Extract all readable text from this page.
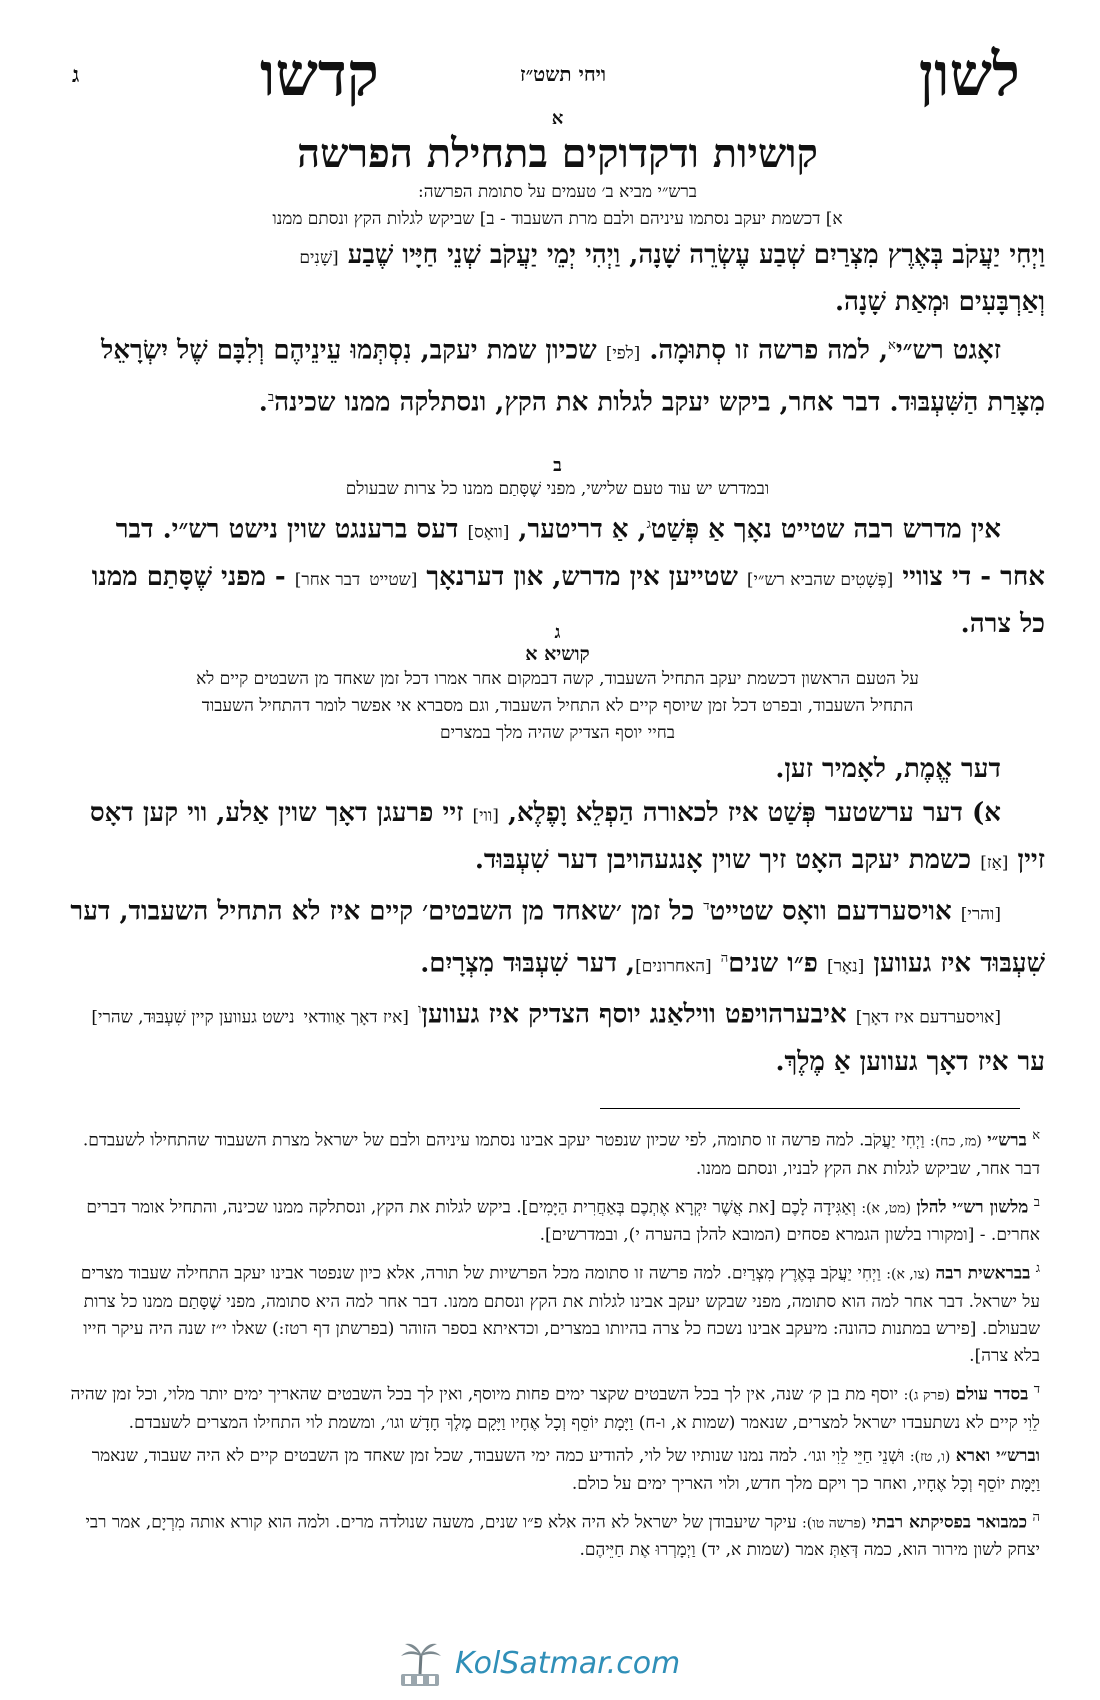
לשון
ויחי תשט״ז
קדשו
ג
א
קושיות ודקדוקים בתחילת הפרשה
ברש״י מביא ב׳ טעמים על סתומת הפרשה:
א] דכשמת יעקב נסתמו עיניהם ולבם מרת השעבוד - ב] שביקש לגלות הקץ ונסתם ממנו
וַיְחִי יַעֲקֹב בְּאֶרֶץ מִצְרַיִם שְׁבַע עֶשְׂרֵה שָׁנָה, וַיְהִי יְמֵי יַעֲקֹב שְׁנֵי חַיָּיו שֶׁבַע [שָׁנִים
וְאַרְבָּעִים וּמְאַת שָׁנָה.
זאָגט רש״י$^א$, למה פרשה זו סְתוּמָה. [לפי] שכיון שמת יעקב, נִסְתְּמוּ עֵינֵיהֶם וְלִבָּם שֶׁל יִשְׂרָאֵל מִצָּרַת הַשִּׁעְבּוּד. דבר אחר, ביקש יעקב לגלות את הקץ, ונסתלקה ממנו שכינה$^ב$.
ב
ובמדרש יש עוד טעם שלישי, מפני שֶׁסָּתַם ממנו כל צרות שבעולם
אין מדרש רבה שטייט נאָך אַ פְּשַׁט$^ג$, אַ דריטער, [וואָס] דעס ברענגט שוין נישט רש״י. דבר אחר - די צוויי [פְּשָׁטִים שהביא רש״י] שטייען אין מדרש, און דערנאָך [שטייט דבר אחר] - מפני שֶׁסָּתַם ממנו כל צרה.
ג
קושיא א
על הטעם הראשון דכשמת יעקב התחיל השעבוד, קשה דבמקום אחר אמרו דכל זמן שאחד מן השבטים קיים לא
התחיל השעבוד, ובפרט דכל זמן שיוסף קיים לא התחיל השעבוד, וגם מסברא אי אפשר לומר דהתחיל השעבוד
בחיי יוסף הצדיק שהיה מלך במצרים
דער אֱמֶת, לאָמיר זען.
א) דער ערשטער פְּשַׁט איז לכאורה הַפְלֵא וָפֶלֶא, [ווי] זיי פרעגן דאָך שוין אַלע, ווי קען דאָס זיין [אַז] כשמת יעקב האָט זיך שוין אָנגעהויבן דער שִׁעְבּוּד.
[והרי] אויסערדעם וואָס שטייט$^ד$ כל זמן ׳שאחד מן השבטים׳ קיים איז לא התחיל השעבוד, דער שִׁעְבּוּד איז געווען [נאָר] פ״ו שנים$^ה$ [האחרונים], דער שִׁעְבּוּד מִצְרָיִם.
[אויסערדעם איז דאָך] איבערהויפט ווילאַנג יוסף הצדיק איז געווען$^ו$ [איז דאָך אַוודאי נישט געווען קיין שִׁעְבּוּד, שהרי] ער איז דאָך געווען אַ מֶלֶךְ.
$^א$ ברש״י (מז, כח): וַיְחִי יַעֲקֹב. למה פרשה זו סתומה, לפי שכיון שנפטר יעקב אבינו נסתמו עיניהם ולבם של ישראל מצרת השעבוד שהתחילו לשעבדם. דבר אחר, שביקש לגלות את הקץ לבניו, ונסתם ממנו.
$^ב$ מלשון רש״י להלן (מט, א): וְאַגִּידָה לָכֶם [את אֲשֶׁר יִקְרָא אֶתְכֶם בְּאַחֲרִית הַיָּמִים]. ביקש לגלות את הקץ, ונסתלקה ממנו שכינה, והתחיל אומר דברים אחרים. - [ומקורו בלשון הגמרא פסחים (המובא להלן בהערה י), ובמדרשים].
$^ג$ בבראשית רבה (צו, א): וַיְחִי יַעֲקֹב בְּאֶרֶץ מִצְרַיִם. למה פרשה זו סתומה מכל הפרשיות של תורה, אלא כיון שנפטר אבינו יעקב התחילה שעבוד מצרים על ישראל. דבר אחר למה הוא סתומה, מפני שבקש יעקב אבינו לגלות את הקץ ונסתם ממנו. דבר אחר למה היא סתומה, מפני שֶׁסָּתַם ממנו כל צרות שבעולם. [פירש במתנות כהונה: מיעקב אבינו נשכח כל צרה בהיותו במצרים, וכדאיתא בספר הזוהר (בפרשתן דף רטז:) שאלו י״ז שנה היה עיקר חייו בלא צרה].
$^ד$ בסדר עולם (פרק ג): יוסף מת בן ק׳ שנה, אין לך בכל השבטים שקצר ימים פחות מיוסף, ואין לך בכל השבטים שהאריך ימים יותר מלוי, וכל זמן שהיה לֵוִי קיים לא נשתעבדו ישראל למצרים, שנאמר (שמות א, ו-ח) וַיָּמָת יוֹסֵף וְכָל אֶחָיו וַיָּקָם מֶלֶךְ חָדָשׁ וגו׳, ומשמת לוי התחילו המצרים לשעבדם.
וברש״י וארא (ו, טז): וּשְׁנֵי חַיֵּי לֵוִי וגו׳. למה נמנו שנותיו של לוי, להודיע כמה ימי השעבוד, שכל זמן שאחד מן השבטים קיים לא היה שעבוד, שנאמר וַיָּמָת יוֹסֵף וְכָל אֶחָיו, ואחר כך ויקם מלך חדש, ולוי האריך ימים על כולם.
$^ה$ כמבואר בפסיקתא רבתי (פרשה טו): עיקר שיעבודן של ישראל לא היה אלא פ״ו שנים, משעה שנולדה מרים. ולמה הוא קורא אותה מִרְיָם, אמר רבי יצחק לשון מירור הוא, כמה דְּאַתְּ אמר (שמות א, יד) וַיְמָרְרוּ אֶת חַיֵּיהֶם.
KolSatmar.com
